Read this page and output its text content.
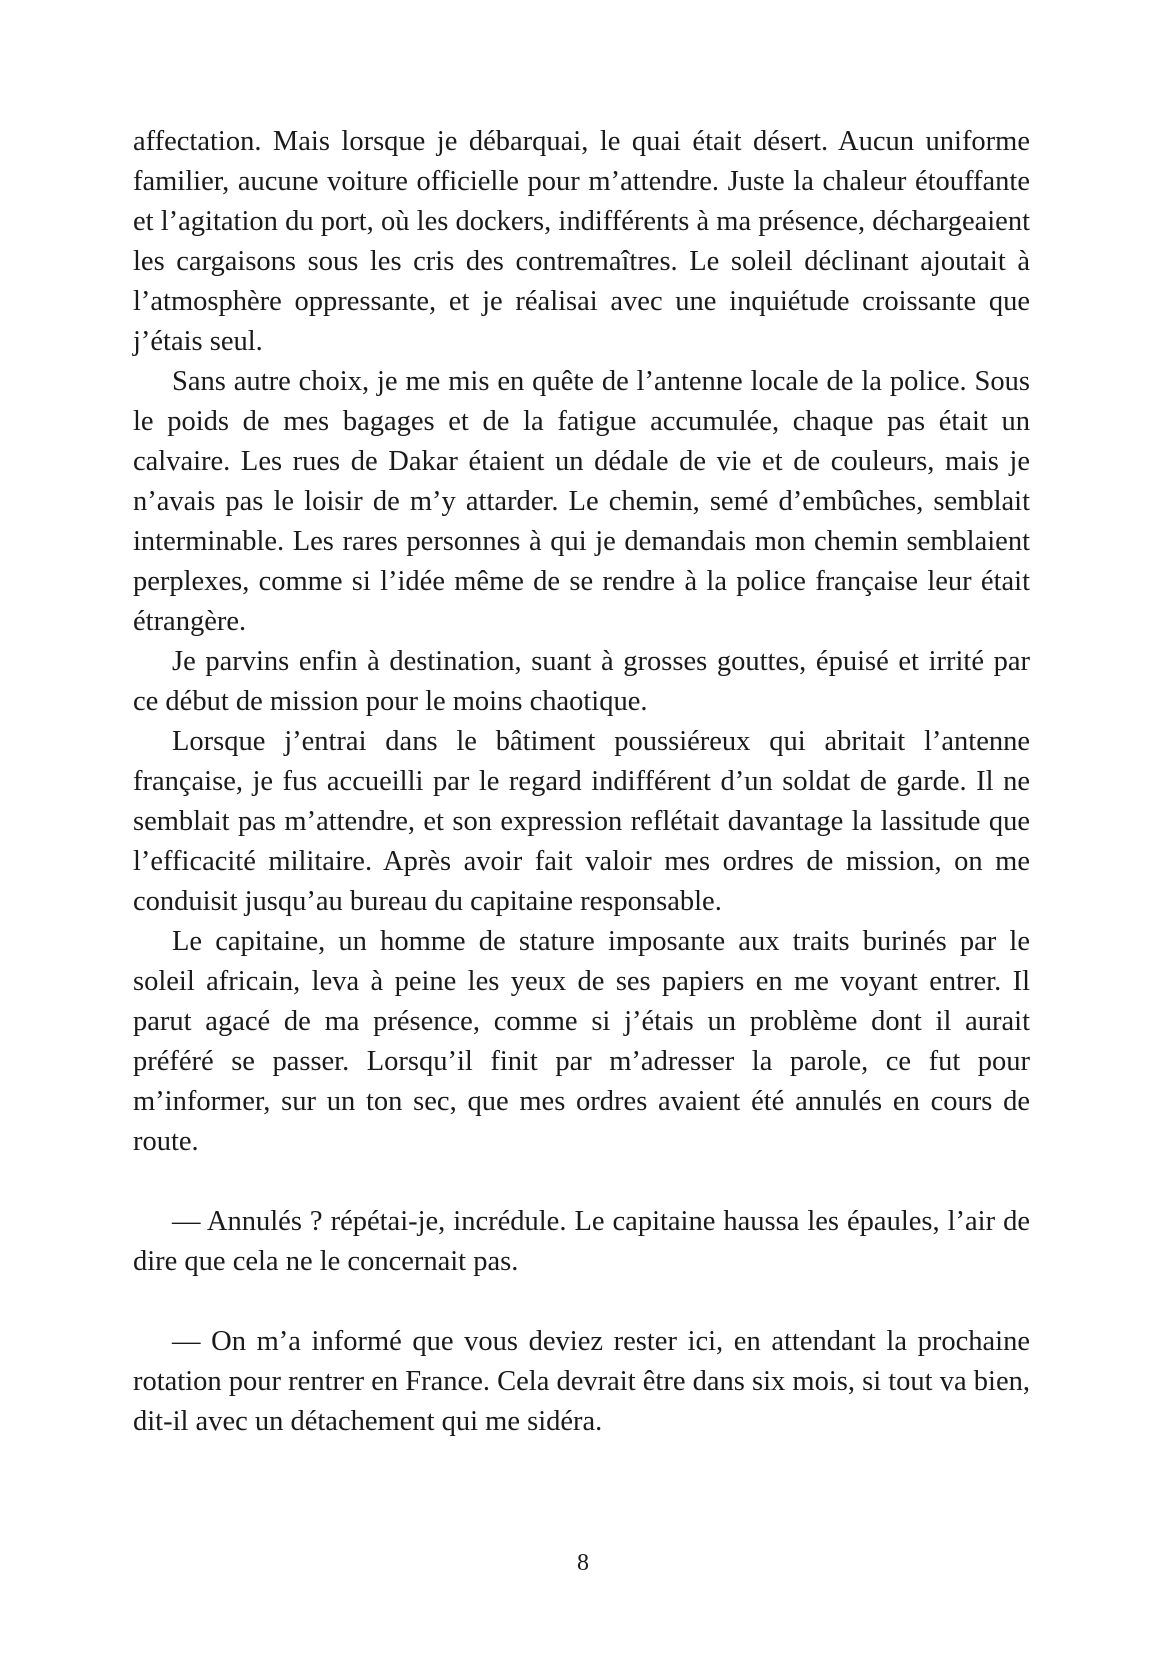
affectation. Mais lorsque je débarquai, le quai était désert. Aucun uniforme familier, aucune voiture officielle pour m’attendre. Juste la chaleur étouffante et l’agitation du port, où les dockers, indifférents à ma présence, déchargeaient les cargaisons sous les cris des contremaîtres. Le soleil déclinant ajoutait à l’atmosphère oppressante, et je réalisai avec une inquiétude croissante que j’étais seul.

Sans autre choix, je me mis en quête de l’antenne locale de la police. Sous le poids de mes bagages et de la fatigue accumulée, chaque pas était un calvaire. Les rues de Dakar étaient un dédale de vie et de couleurs, mais je n’avais pas le loisir de m’y attarder. Le chemin, semé d’embûches, semblait interminable. Les rares personnes à qui je demandais mon chemin semblaient perplexes, comme si l’idée même de se rendre à la police française leur était étrangère.

Je parvins enfin à destination, suant à grosses gouttes, épuisé et irrité par ce début de mission pour le moins chaotique.

Lorsque j’entrai dans le bâtiment poussiéreux qui abritait l’antenne française, je fus accueilli par le regard indifférent d’un soldat de garde. Il ne semblait pas m’attendre, et son expression reflétait davantage la lassitude que l’efficacité militaire. Après avoir fait valoir mes ordres de mission, on me conduisit jusqu’au bureau du capitaine responsable.

Le capitaine, un homme de stature imposante aux traits burinés par le soleil africain, leva à peine les yeux de ses papiers en me voyant entrer. Il parut agacé de ma présence, comme si j’étais un problème dont il aurait préféré se passer. Lorsqu’il finit par m’adresser la parole, ce fut pour m’informer, sur un ton sec, que mes ordres avaient été annulés en cours de route.

— Annulés ? répétai-je, incrédule. Le capitaine haussa les épaules, l’air de dire que cela ne le concernait pas.

— On m’a informé que vous deviez rester ici, en attendant la prochaine rotation pour rentrer en France. Cela devrait être dans six mois, si tout va bien, dit-il avec un détachement qui me sidéra.

8
